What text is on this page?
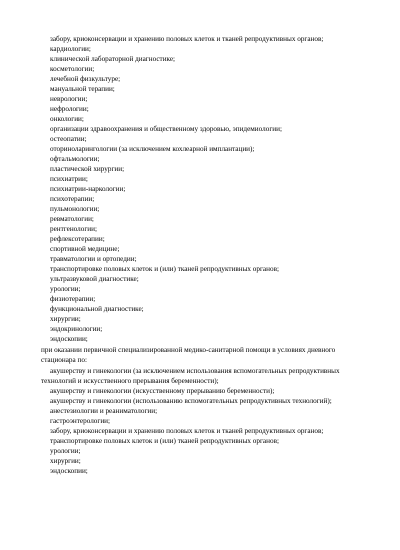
забору, криоконсервации и хранению половых клеток и тканей репродуктивных органов;
кардиологии;
клинической лабораторной диагностике;
косметологии;
лечебной физкультуре;
мануальной терапии;
неврологии;
нефрологии;
онкологии;
организации здравоохранения и общественному здоровью, эпидемиологии;
остеопатии;
оториноларингологии (за исключением кохлеарной имплантации);
офтальмологии;
пластической хирургии;
психиатрии;
психиатрии-наркологии;
психотерапии;
пульмонологии;
ревматологии;
рентгенологии;
рефлексотерапии;
спортивной медицине;
травматологии и ортопедии;
транспортировке половых клеток и (или) тканей репродуктивных органов;
ультразвуковой диагностике;
урологии;
физиотерапии;
функциональной диагностике;
хирургии;
эндокринологии;
эндоскопии;
при оказании первичной специализированной медико-санитарной помощи в условиях дневного
стационара по:
акушерству и гинекологии (за исключением использования вспомогательных репродуктивных
технологий и искусственного прерывания беременности);
акушерству и гинекологии (искусственному прерыванию беременности);
акушерству и гинекологии (использованию вспомогательных репродуктивных технологий);
анестезиологии и реаниматологии;
гастроэнтерологии;
забору, криоконсервации и хранению половых клеток и тканей репродуктивных органов;
транспортировке половых клеток и (или) тканей репродуктивных органов;
урологии;
хирургии;
эндоскопии;
